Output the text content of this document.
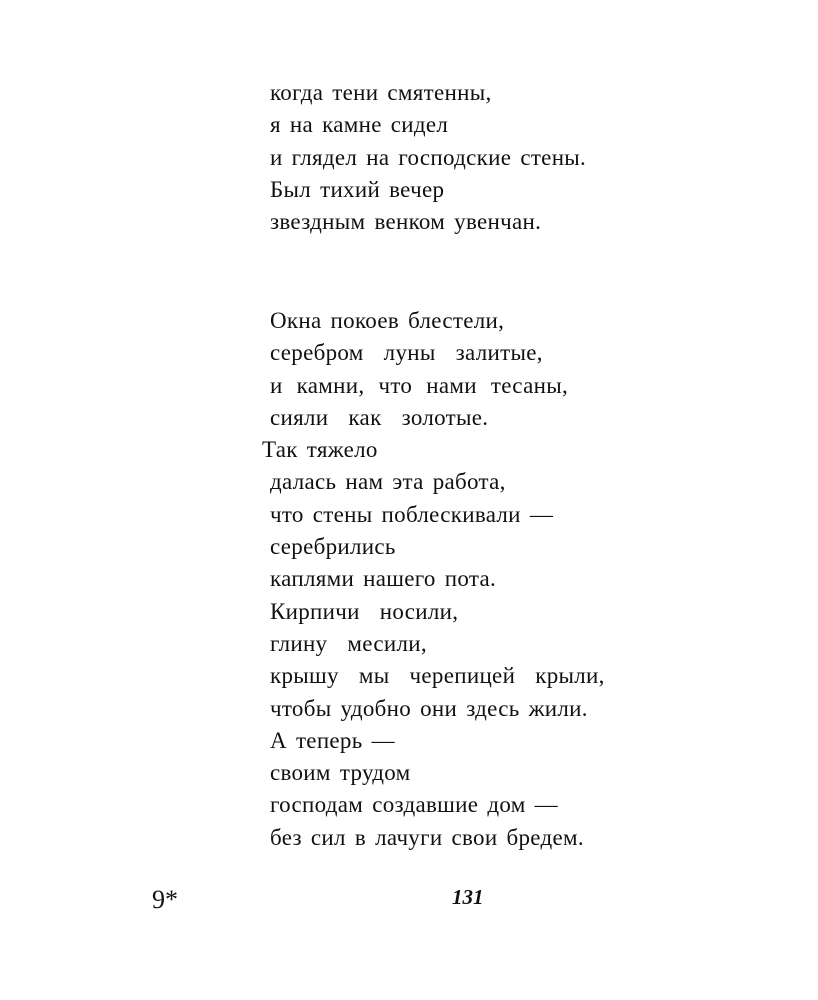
когда тени смятенны,
я на камне сидел
и глядел на господские стены.
Был тихий вечер
звездным венком увенчан.
Окна покоев блестели,
серебром луны залитые,
и камни, что нами тесаны,
сияли как золотые.
Так тяжело
далась нам эта работа,
что стены поблескивали —
серебрились
каплями нашего пота.
Кирпичи носили,
глину месили,
крышу мы черепицей крыли,
чтобы удобно они здесь жили.
А теперь —
своим трудом
господам создавшие дом —
без сил в лачуги свои бредем.
9*	131
